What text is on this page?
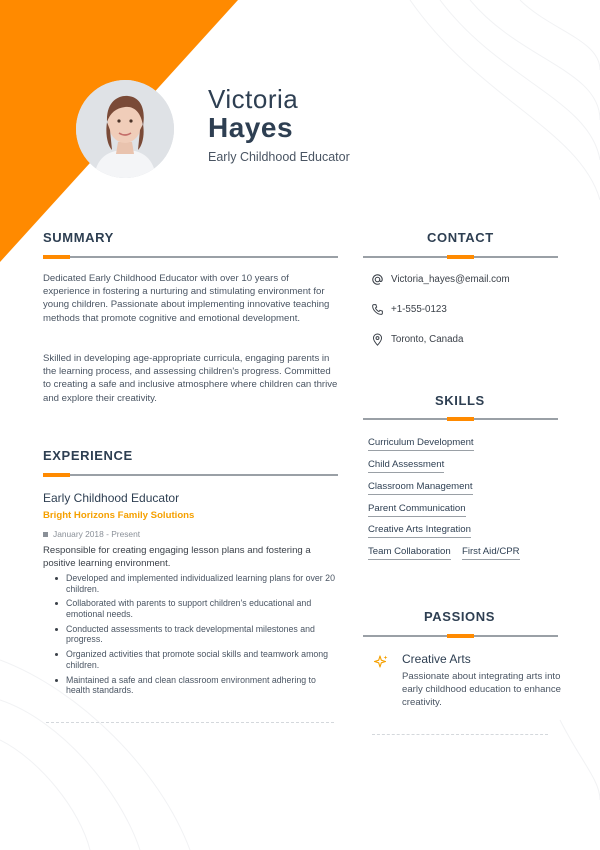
Victoria
Hayes
Early Childhood Educator
SUMMARY
Dedicated Early Childhood Educator with over 10 years of experience in fostering a nurturing and stimulating environment for young children. Passionate about implementing innovative teaching methods that promote cognitive and emotional development.
Skilled in developing age-appropriate curricula, engaging parents in the learning process, and assessing children's progress. Committed to creating a safe and inclusive atmosphere where children can thrive and explore their creativity.
EXPERIENCE
Early Childhood Educator
Bright Horizons Family Solutions
January 2018 - Present
Responsible for creating engaging lesson plans and fostering a positive learning environment.
Developed and implemented individualized learning plans for over 20 children.
Collaborated with parents to support children's educational and emotional needs.
Conducted assessments to track developmental milestones and progress.
Organized activities that promote social skills and teamwork among children.
Maintained a safe and clean classroom environment adhering to health standards.
CONTACT
Victoria_hayes@email.com
+1-555-0123
Toronto, Canada
SKILLS
Curriculum Development
Child Assessment
Classroom Management
Parent Communication
Creative Arts Integration
Team Collaboration First Aid/CPR
PASSIONS
Creative Arts
Passionate about integrating arts into early childhood education to enhance creativity.
